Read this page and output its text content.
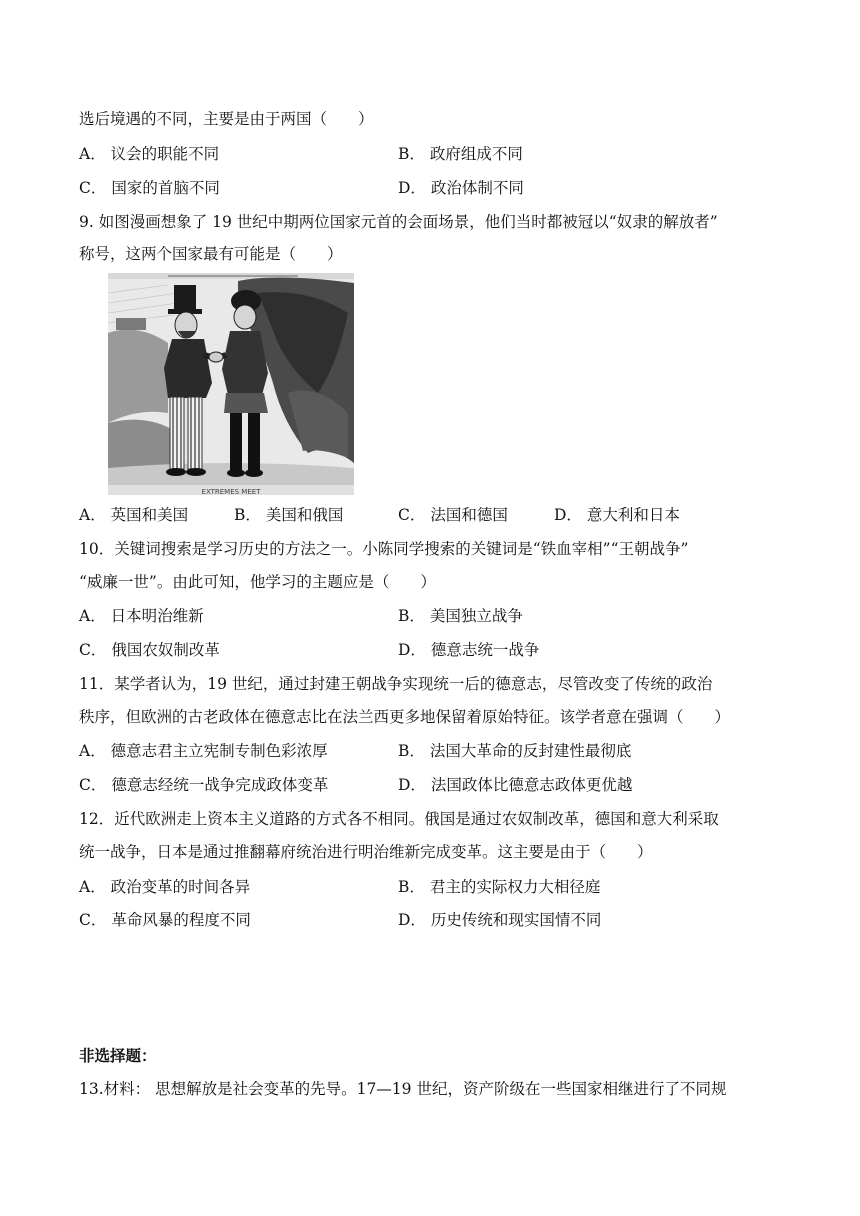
选后境遇的不同，主要是由于两国（　　）
A． 议会的职能不同	B． 政府组成不同
C． 国家的首脑不同	D． 政治体制不同
9. 如图漫画想象了 19 世纪中期两位国家元首的会面场景，他们当时都被冠以“奴隶的解放者”
称号，这两个国家最有可能是（　　）
EXTREMES MEET
A． 英国和美国	B． 美国和俄国	C． 法国和德国	D． 意大利和日本
10．关键词搜索是学习历史的方法之一。小陈同学搜索的关键词是“铁血宰相”“王朝战争”
“威廉一世”。由此可知，他学习的主题应是（　　）
A． 日本明治维新	B． 美国独立战争
C． 俄国农奴制改革	D． 德意志统一战争
11．某学者认为，19 世纪，通过封建王朝战争实现统一后的德意志，尽管改变了传统的政治
秩序，但欧洲的古老政体在德意志比在法兰西更多地保留着原始特征。该学者意在强调（　　）
A． 德意志君主立宪制专制色彩浓厚	B． 法国大革命的反封建性最彻底
C． 德意志经统一战争完成政体变革	D． 法国政体比德意志政体更优越
12．近代欧洲走上资本主义道路的方式各不相同。俄国是通过农奴制改革，德国和意大利采取
统一战争，日本是通过推翻幕府统治进行明治维新完成变革。这主要是由于（　　）
A． 政治变革的时间各异	B． 君主的实际权力大相径庭
C． 革命风暴的程度不同	D． 历史传统和现实国情不同
非选择题：
13.材料： 思想解放是社会变革的先导。17—19 世纪，资产阶级在一些国家相继进行了不同规
